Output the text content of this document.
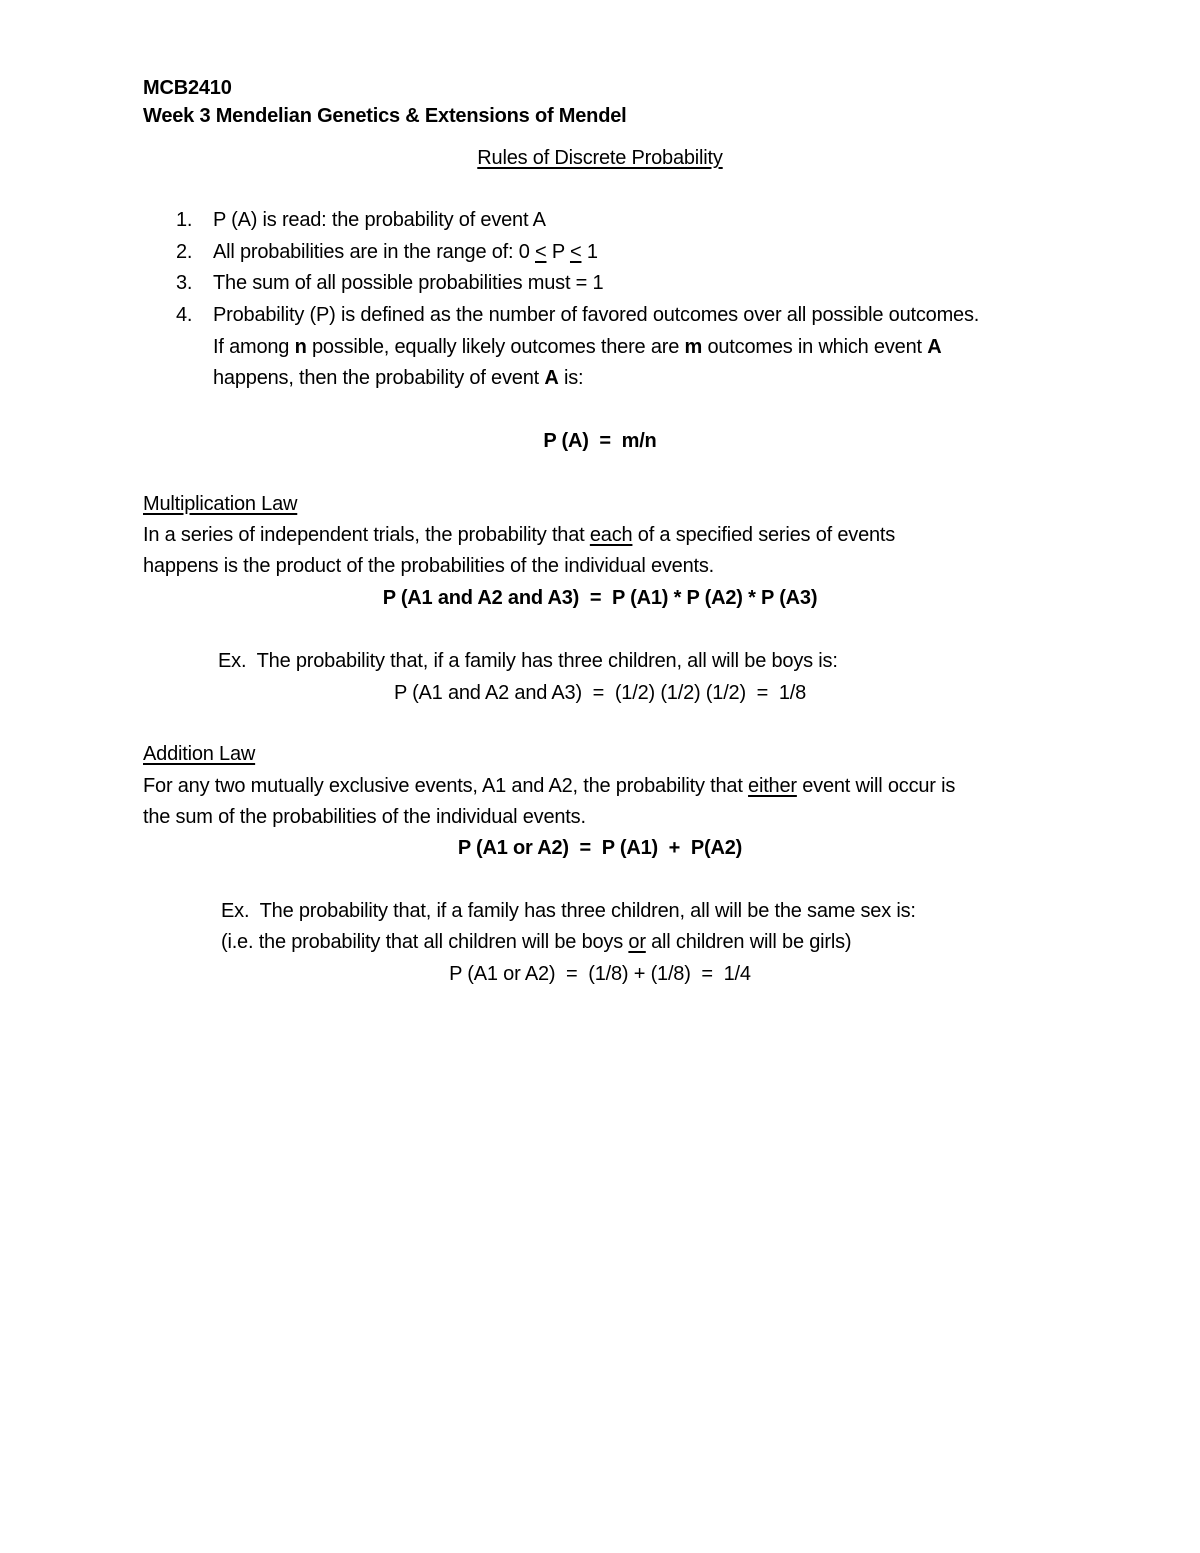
MCB2410
Week 3 Mendelian Genetics & Extensions of Mendel
Rules of Discrete Probability
1. P (A) is read: the probability of event A
2. All probabilities are in the range of: 0 < P < 1
3. The sum of all possible probabilities must = 1
4. Probability (P) is defined as the number of favored outcomes over all possible outcomes.
If among n possible, equally likely outcomes there are m outcomes in which event A
happens, then the probability of event A is:
P (A)  =  m/n
Multiplication Law
In a series of independent trials, the probability that each of a specified series of events
happens is the product of the probabilities of the individual events.
P (A1 and A2 and A3)  =  P (A1) * P (A2) * P (A3)
Ex.  The probability that, if a family has three children, all will be boys is:
P (A1 and A2 and A3)  =  (1/2) (1/2) (1/2)  =  1/8
Addition Law
For any two mutually exclusive events, A1 and A2, the probability that either event will occur is
the sum of the probabilities of the individual events.
P (A1 or A2)  =  P (A1)  +  P(A2)
Ex.  The probability that, if a family has three children, all will be the same sex is:
(i.e. the probability that all children will be boys or all children will be girls)
P (A1 or A2)  =  (1/8) + (1/8)  =  1/4
